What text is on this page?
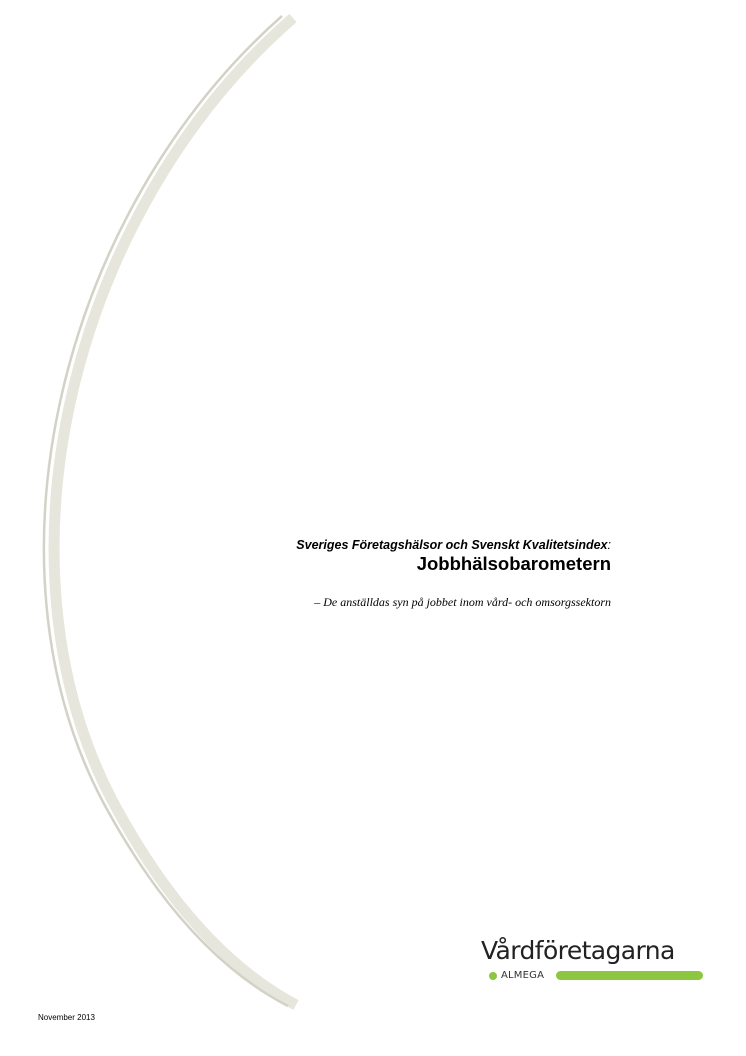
Sveriges Företagshälsor och Svenskt Kvalitetsindex:
Jobbhälsobarometern
– De anställdas syn på jobbet inom vård- och omsorgssektorn
Vårdföretagarna
ALMEGA
November 2013
